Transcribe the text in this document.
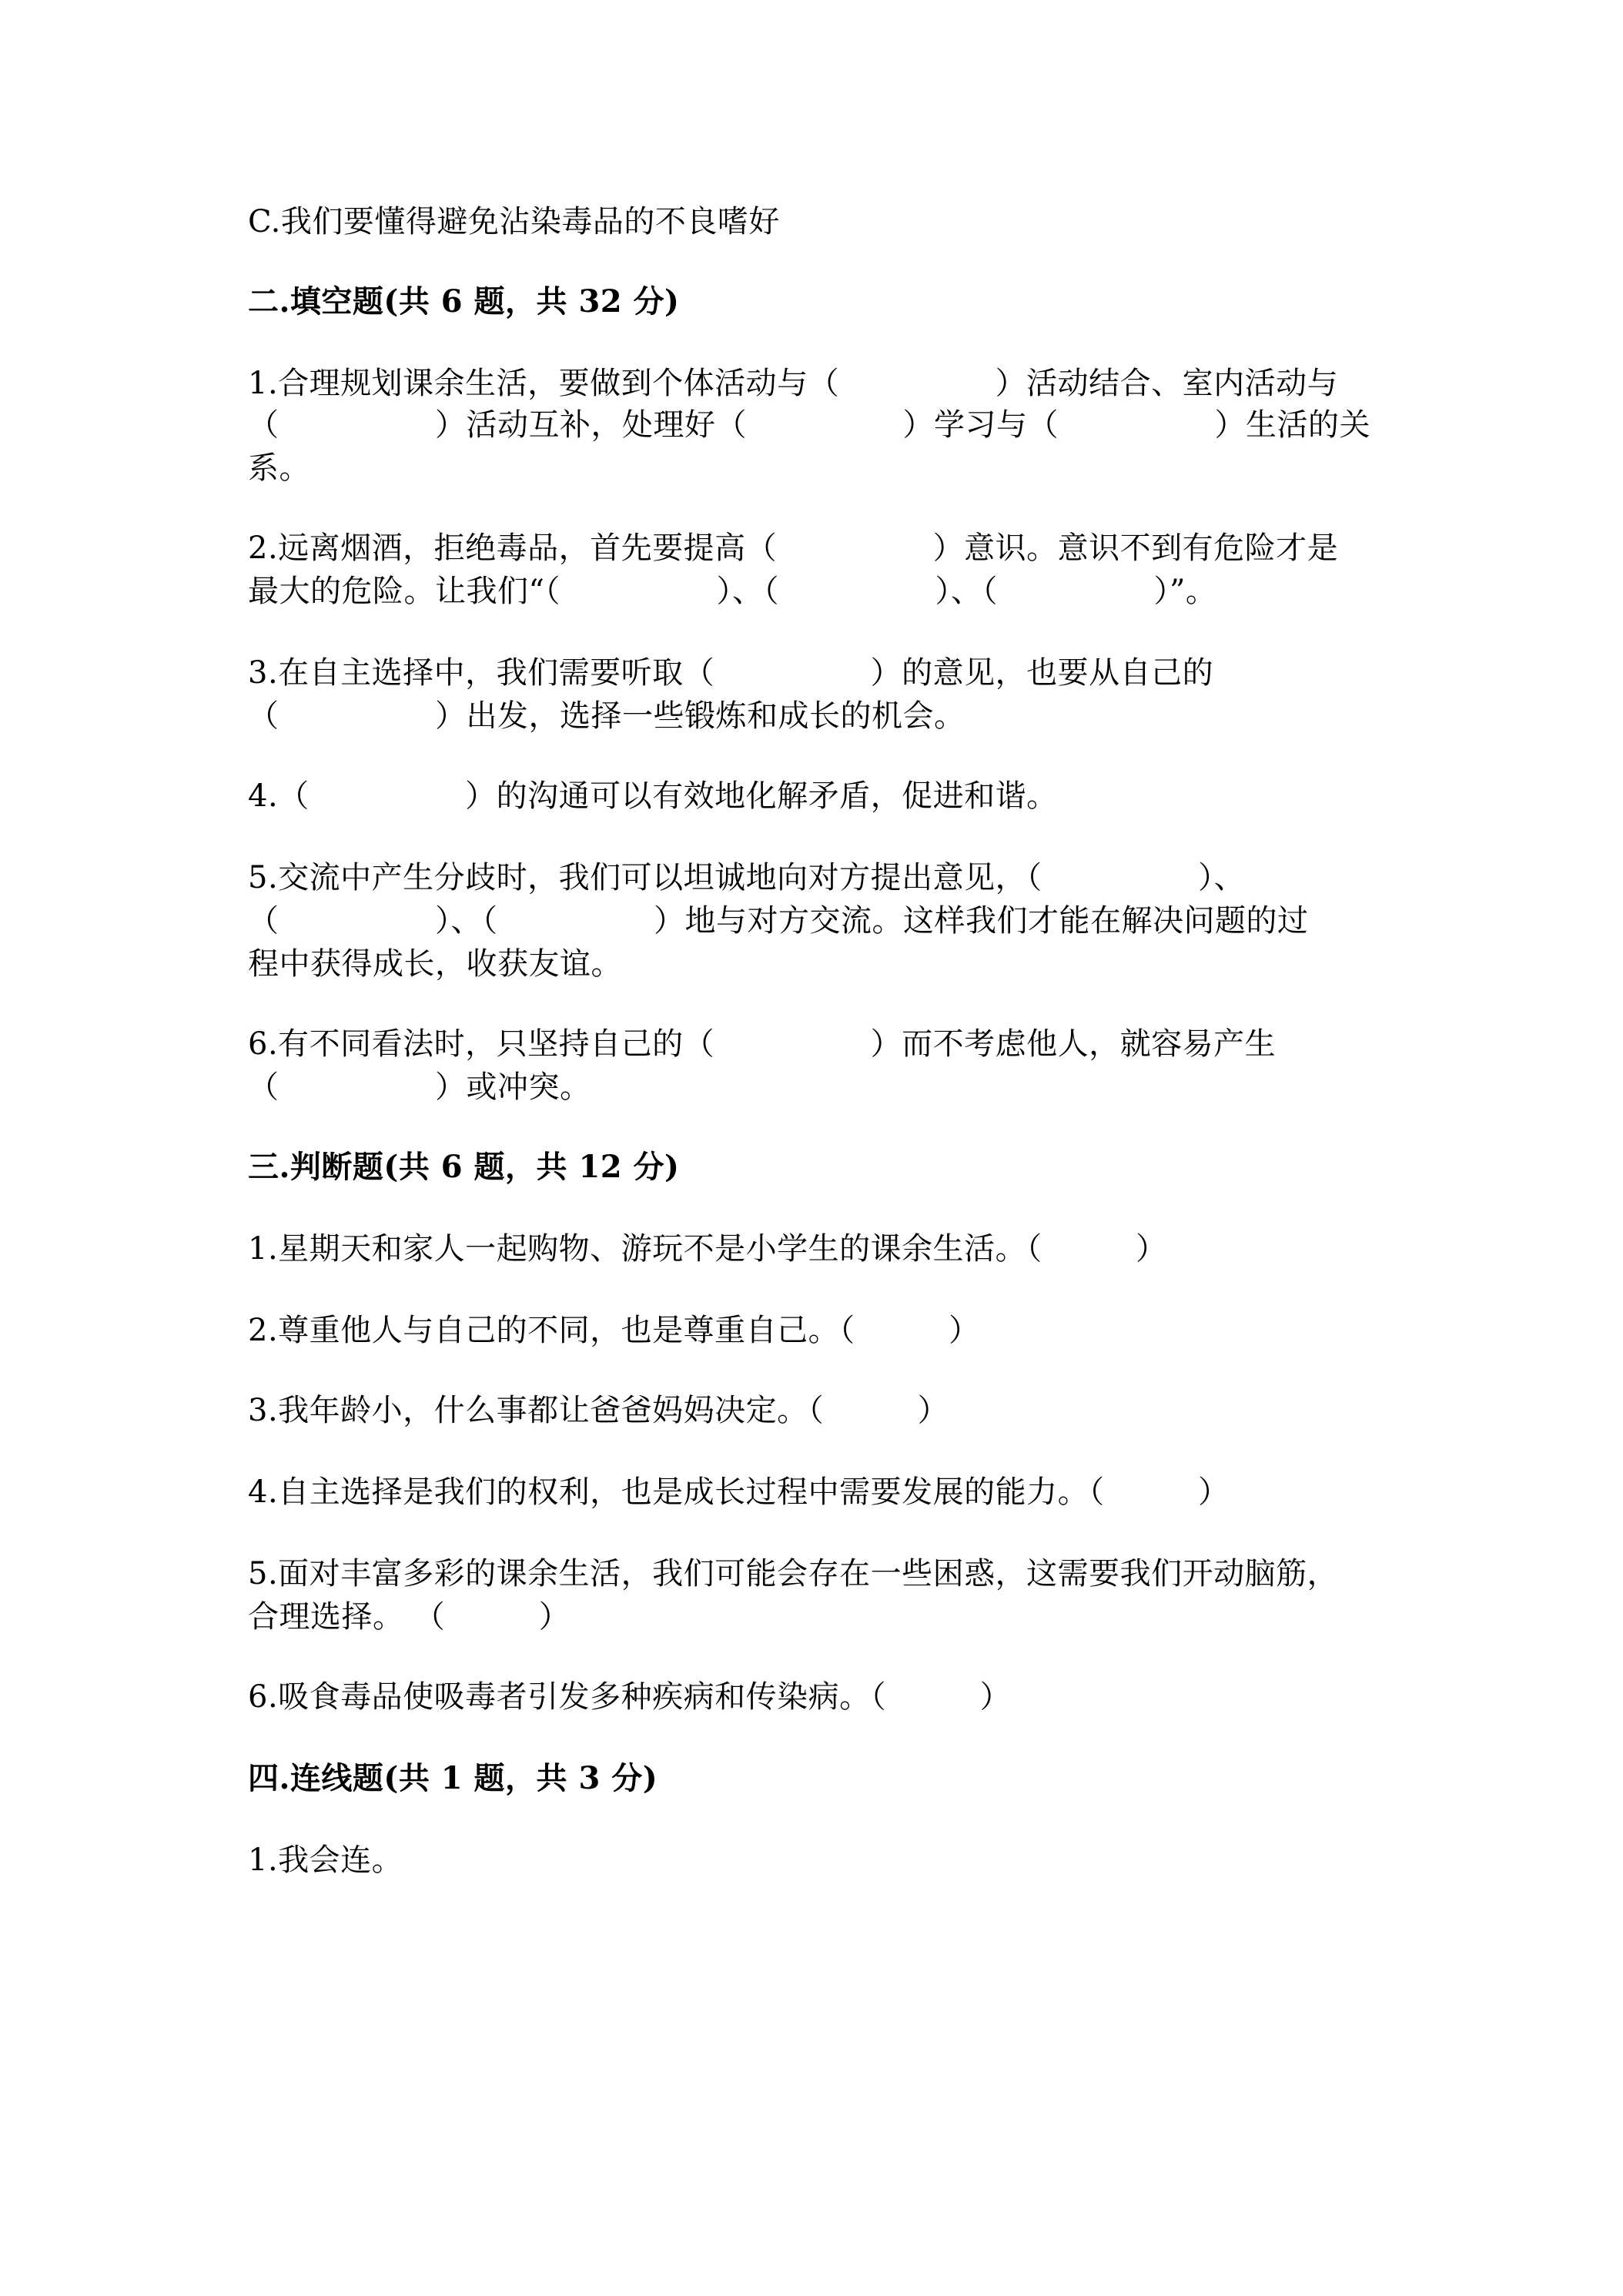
C.我们要懂得避免沾染毒品的不良嗜好

二.填空题(共 6 题，共 32 分)

1.合理规划课余生活，要做到个体活动与（　　　　　）活动结合、室内活动与

（　　　　　）活动互补，处理好（　　　　　）学习与（　　　　　）生活的关

系。

2.远离烟酒，拒绝毒品，首先要提高（　　　　　）意识。意识不到有危险才是

最大的危险。让我们“（　　　　　）、（　　　　　）、（　　　　　）”。

3.在自主选择中，我们需要听取（　　　　　）的意见，也要从自己的

（　　　　　）出发，选择一些锻炼和成长的机会。

4.（　　　　　）的沟通可以有效地化解矛盾，促进和谐。

5.交流中产生分歧时，我们可以坦诚地向对方提出意见，（　　　　　）、

（　　　　　）、（　　　　　）地与对方交流。这样我们才能在解决问题的过

程中获得成长，收获友谊。

6.有不同看法时，只坚持自己的（　　　　　）而不考虑他人，就容易产生

（　　　　　）或冲突。

三.判断题(共 6 题，共 12 分)

1.星期天和家人一起购物、游玩不是小学生的课余生活。（　　　）

2.尊重他人与自己的不同，也是尊重自己。（　　　）

3.我年龄小，什么事都让爸爸妈妈决定。（　　　）

4.自主选择是我们的权利，也是成长过程中需要发展的能力。（　　　）

5.面对丰富多彩的课余生活，我们可能会存在一些困惑，这需要我们开动脑筋，

合理选择。 （　　　）

6.吸食毒品使吸毒者引发多种疾病和传染病。（　　　）

四.连线题(共 1 题，共 3 分)

1.我会连。
